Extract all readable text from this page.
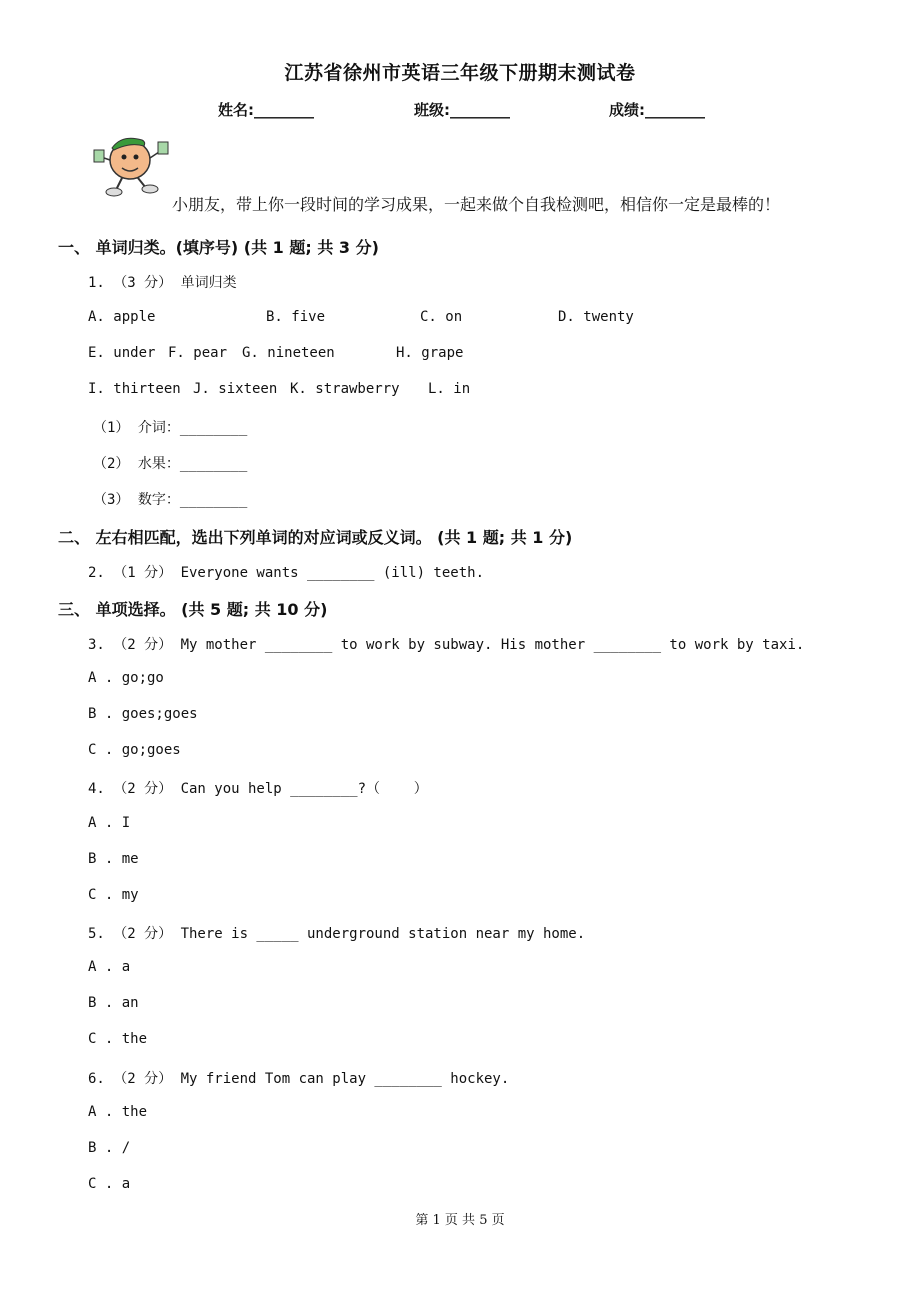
江苏省徐州市英语三年级下册期末测试卷
姓名:________	班级:________	成绩:________
小朋友，带上你一段时间的学习成果，一起来做个自我检测吧，相信你一定是最棒的！
一、 单词归类。(填序号) (共 1 题; 共 3 分)
1. （3 分） 单词归类
A. apple	B. five	C. on	D. twenty
E. under F. pear G. nineteen	H. grape
I. thirteen J. sixteen K. strawberry L. in
（1） 介词：________
（2） 水果：________
（3） 数字：________
二、 左右相匹配，选出下列单词的对应词或反义词。 (共 1 题; 共 1 分)
2. （1 分） Everyone wants ________ (ill) teeth.
三、 单项选择。 (共 5 题; 共 10 分)
3. （2 分） My mother ________ to work by subway. His mother ________ to work by taxi.
A . go;go
B . goes;goes
C . go;goes
4. （2 分） Can you help ________?（    ）
A . I
B . me
C . my
5. （2 分） There is _____ underground station near my home.
A . a
B . an
C . the
6. （2 分） My friend Tom can play ________ hockey.
A . the
B . /
C . a
第 1 页 共 5 页
